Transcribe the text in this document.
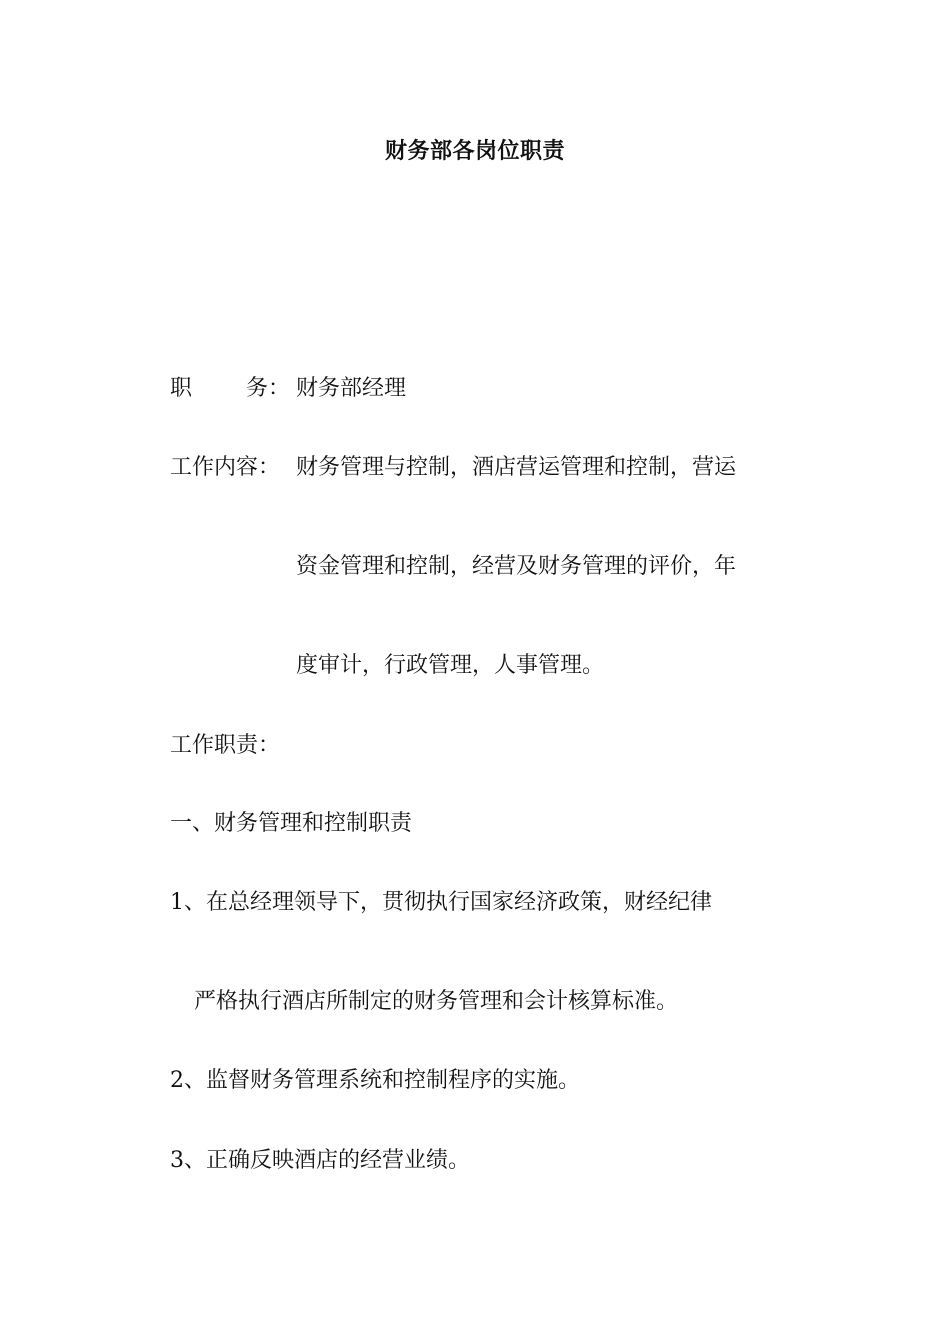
财务部各岗位职责
职 务： 财务部经理
工作内容： 财务管理与控制，酒店营运管理和控制，营运
资金管理和控制，经营及财务管理的评价，年
度审计，行政管理，人事管理。
工作职责：
一、财务管理和控制职责
1、在总经理领导下，贯彻执行国家经济政策，财经纪律
严格执行酒店所制定的财务管理和会计核算标准。
2、监督财务管理系统和控制程序的实施。
3、正确反映酒店的经营业绩。
